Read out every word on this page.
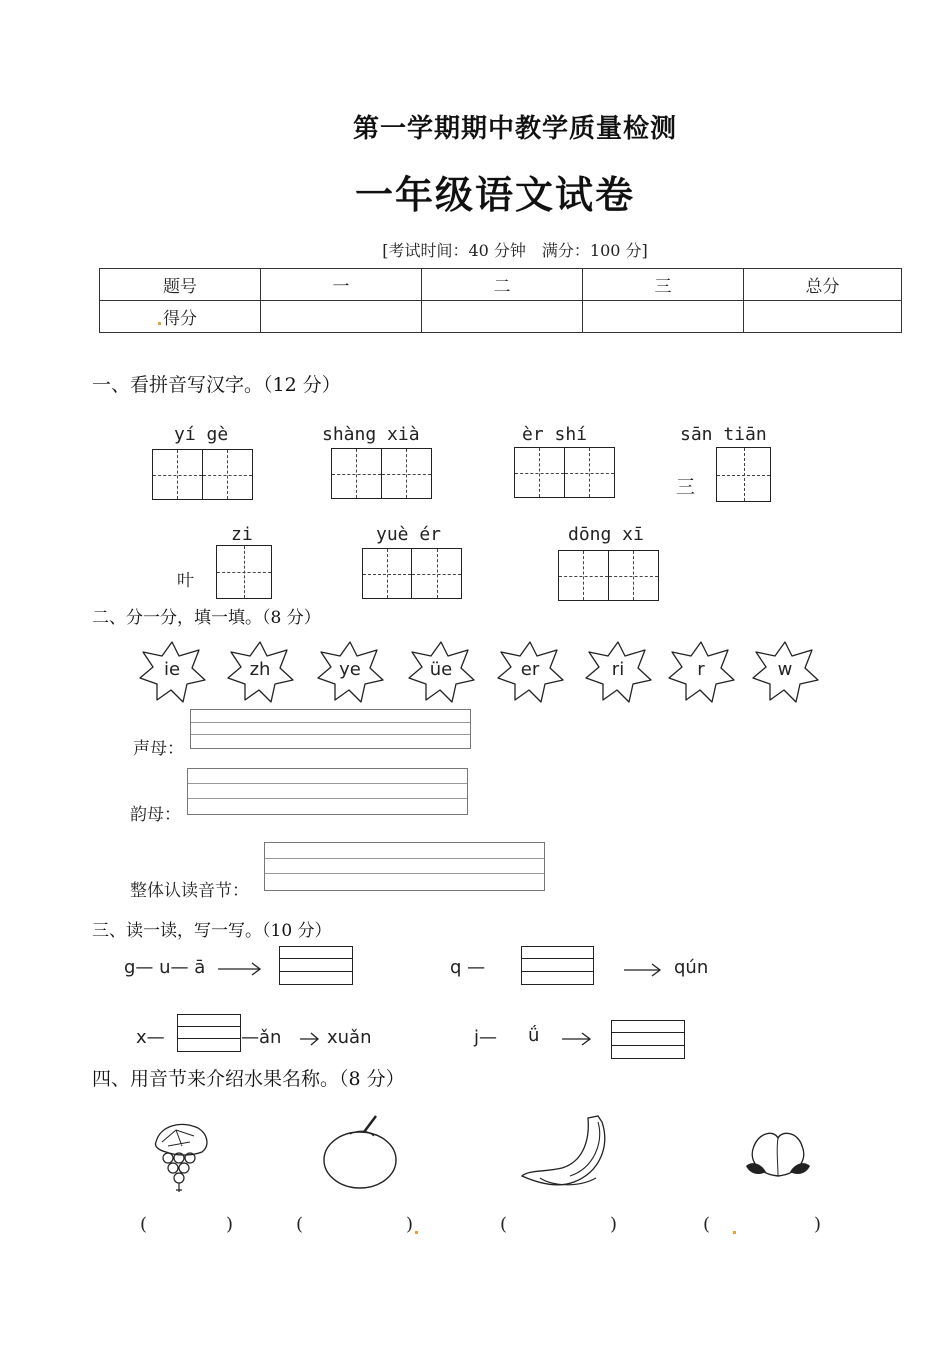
第一学期期中教学质量检测
一年级语文试卷
[考试时间：40 分钟　满分：100 分]
题号	一	二	三	总分
得分				
一、看拼音写汉字。（12 分）
yí gè	shàng xià	èr shí	sān tiān
三
zi
叶
yuè ér	dōng xī
二、分一分，填一填。（8 分）
ie	zh	ye	üe	er	ri	r	w
声母：
韵母：
整体认读音节：
三、读一读，写一写。（10 分）
g— u— ā	q —	qún
x—	—ǎn	xuǎn	j— ǘ
四、用音节来介绍水果名称。（8 分）
(	)	(	)	(	)	(	)
